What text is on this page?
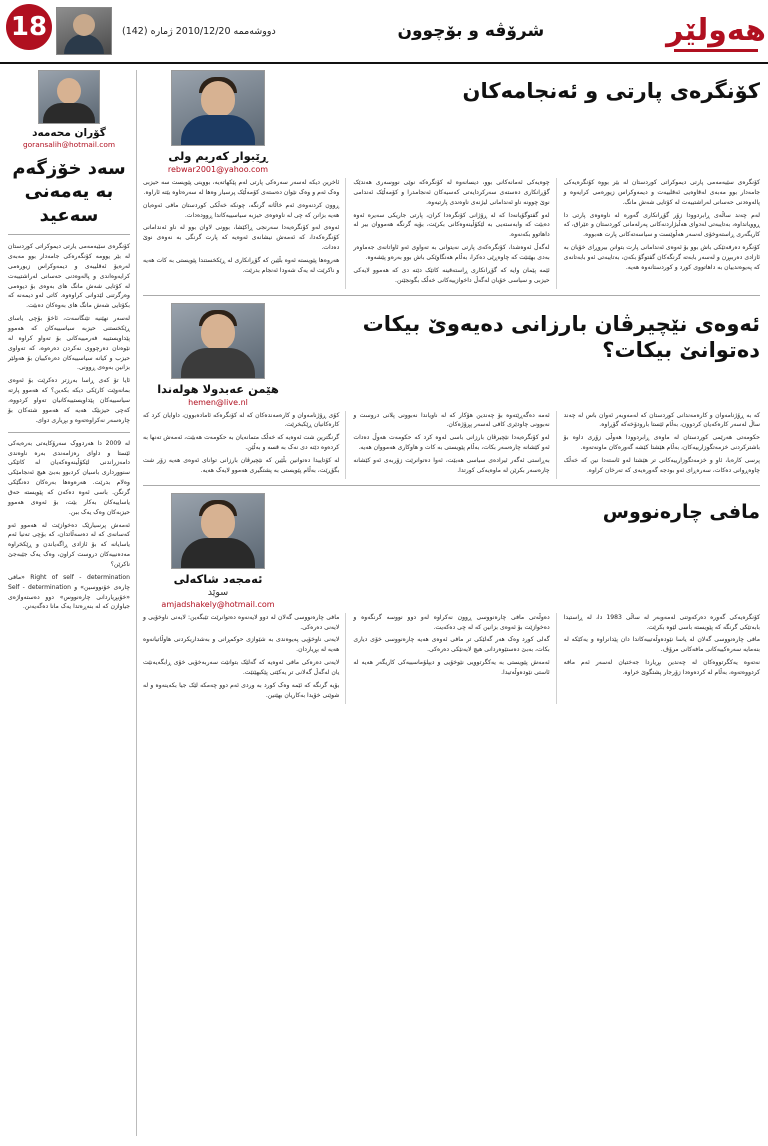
هەولێر
شرۆڤە و بۆچوون
دووشەممە 2010/12/20 ژمارە (142)
18
کۆنگرەی پارتی و ئەنجامەکان
ڕێبوار کەریم ولی
rebwar2001@yahoo.com

کۆنگرەی سێیەمەمی پارتی دیموکراتی کوردستان لە بێر بووە کۆنگرەیەکی جامەدار بوو مەبەی لەقاوەیی ئەقلییەت و دیمەوکراس زیورەمی کرایەوە و پالەوەدنی حەسانی لەراشتییەت لە کۆتایی شەش مانگ.

لەم چەند ساڵەی ڕابردوودا زۆر گۆڕانکاری گەورە لە ناوەوەی پارتی دا ڕوویانداوە، بەتایبەتی لەدوای هەڵبژاردنەکانی پەرلەمانی کوردستان و عێراق، کە کاریگەری ڕاستەوخۆی لەسەر هەڵوێست و سیاسەتەکانی پارت هەبووە.

کۆنگرە دەرفەتێکی باش بوو بۆ ئەوەی ئەندامانی پارت بتوانن بیروڕای خۆیان بە ئازادی دەرببڕن و لەسەر بابەتە گرنگەکان گفتوگۆ بکەن، بەتایبەتی ئەو بابەتانەی کە پەیوەندییان بە داهاتووی کورد و کوردستانەوە هەیە.

چوەیەکی ئەمانەکانی بوو، دیسانەوە لە کۆنگرەکە نوێی نووسەری هەندێک گۆڕانکاری دەستەی سەرکردایەتی کەسیەکان ئەنجامدرا و کۆمەڵێک ئەندامی نوێ چوونە ناو ئەندامانی لیژنەی ناوەندی پارتیەوە.

لەو گفتوگۆیانەدا کە لە ڕۆژانی کۆنگرەدا کران، پارتی جاریکی سەیرە ئەوە دەبێت کە وابەستەیی بە لێکۆڵینەوەکانی بکرێت، بۆیە گرنگە هەمووان بیر لە داهاتوو بکەنەوە.

لەگەڵ ئەوەشدا، کۆنگرەکەی پارتی نەیتوانی بە تەواوی ئەو ئاواتانەی جەماوەر بەدی بهێنێت کە چاوەڕێی دەکرا، بەڵام هەنگاوێکی باش بوو بەرەو پێشەوە.

ئێمە پێمان وایە کە گۆڕانکاری ڕاستەقینە کاتێک دێتە دی کە هەموو لایەکی حیزبی و سیاسی خۆیان لەگەڵ داخوازییەکانی خەڵک بگونجێنن.

ئاخرین دیکە لەسەر سەرەکی پارتی لەم پێکهاتەیە، بووینی پێویست سە حیزبی وەک ئەم و وەک نێوان دەستەی کۆمەڵێک پرسیار وەها لە سەرەتاوە بێتە ئاراوە.

ڕوون کردنەوەی ئەم خاڵانە گرنگە، چونکە خەڵکی کوردستان مافی ئەوەیان هەیە بزانن کە چی لە ناوەوەی حیزبە سیاسییەکاندا ڕوودەدات.

ئەوەی لەو کۆنگرەیەدا سەرنجی ڕاکێشا، بوونی لاوان بوو لە ناو ئەندامانی کۆنگرەکەدا، کە ئەمەش نیشانەی ئەوەیە کە پارت گرنگی بە نەوەی نوێ دەدات.

هەروەها پێویستە ئەوە بڵێین کە گۆڕانکاری لە ڕێکخستندا پێویستی بە کات هەیە و ناکرێت لە یەک شەودا ئەنجام بدرێت.

ئەوەی نێچیرڤان بارزانی دەیەوێ بیکات دەتوانێ بیکات؟
هێمن عەبدولا هولەندا
hemen@live.nl

کە بە ڕۆژنامەوان و کارەمەندانی کوردستان کە لەمەوبەر ئەوان باس لە چەند ساڵ لەسەر کارەکەیان کردوون، بەڵام ئێستا بارودۆخەکە گۆڕاوە.

حکومەتی هەرێمی کوردستان لە ماوەی ڕابردوودا هەوڵی زۆری داوە بۆ باشترکردنی خزمەتگوزارییەکان، بەڵام هێشتا کێشە گەورەکان ماونەتەوە.

پرسی کارەبا، ئاو و خزمەتگوزارییەکانی تر هێشتا لەو ئاستەدا نین کە خەڵک چاوەڕوانی دەکات، سەرەڕای ئەو بودجە گەورەیەی کە تەرخان کراوە.

ئەمە دەگەڕێتەوە بۆ چەندین هۆکار کە لە ناویاندا نەبوونی پلانی دروست و نەبوونی چاودێری کافی لەسەر پڕۆژەکان.

لەو کۆنگرەیەدا نێچیرڤان بارزانی باسی لەوە کرد کە حکومەت هەوڵ دەدات ئەو کێشانە چارەسەر بکات، بەڵام پێویستی بە کات و هاوکاری هەمووان هەیە.

بەڕاستی ئەگەر ئیرادەی سیاسی هەبێت، ئەوا دەتوانرێت زۆربەی ئەو کێشانە چارەسەر بکرێن لە ماوەیەکی کورتدا.

کۆی ڕۆژنامەوان و کارەمەندەکان کە لە کۆنگرەکە ئامادەبوون، داوایان کرد کە کارەکانیان ڕێکبخرێت.

گرنگترین شت ئەوەیە کە خەڵک متمانەیان بە حکومەت هەبێت، ئەمەش تەنها بە کردەوە دێتە دی نەک بە قسە و بەڵێن.

لە کۆتاییدا دەتوانین بڵێین کە نێچیرڤان بارزانی توانای ئەوەی هەیە زۆر شت بگۆڕێت، بەڵام پێویستی بە پشتگیری هەموو لایەک هەیە.

مافی چارەنووس
ئەمجەد شاکەلی
سوێد
amjadshakely@hotmail.com

کۆنگرەیەکی گەورە دەرکەوتنی لەمەوبەر لە ساڵی 1983 دا، لە ڕاستیدا بابەتێکی گرنگە کە پێویستە باسی لێوە بکرێت.

مافی چارەنووسی گەلان لە یاسا نێودەوڵەتییەکاندا دان پێدانراوە و یەکێکە لە بنەمایە سەرەکییەکانی مافەکانی مرۆڤ.

نەتەوە یەکگرتووەکان لە چەندین بڕیاردا جەختیان لەسەر ئەم مافە کردووەتەوە، بەڵام لە کردەوەدا زۆرجار پشتگوێ خراوە.

دەوڵەتی مافی چارەنووسی ڕوون نەکراوە لەو دوو نووسە گرنگەوە و دەخوازێت بۆ ئەوەی بزانین کە لە چی دەکەیت.

گەلی کورد وەک هەر گەلێکی تر مافی ئەوەی هەیە چارەنووسی خۆی دیاری بکات، بەبێ دەستێوەردانی هیچ لایەنێکی دەرەکی.

ئەمەش پێویستی بە یەکگرتوویی نێوخۆیی و دیپلۆماسییەکی کاریگەر هەیە لە ئاستی نێودەوڵەتیدا.

مافی چارەنووسی گەلان لە دوو لایەنەوە دەتوانرێت تێبگەین: لایەنی ناوخۆیی و لایەنی دەرەکی.

لایەنی ناوخۆیی پەیوەندی بە شێوازی حوکمڕانی و بەشداریکردنی هاوڵاتیانەوە هەیە لە بڕیاردان.

لایەنی دەرەکی مافی ئەوەیە کە گەلێک بتوانێت سەربەخۆیی خۆی ڕابگەیەنێت یان لەگەڵ گەلانی تر یەکێتی پێکبهێنێت.

بۆیە گرنگە کە ئێمە وەک کورد بە وردی ئەم دوو چەمکە لێک جیا بکەینەوە و لە شوێنی خۆیدا بەکاریان بهێنین.

گۆران محەمەد
goransalih@hotmail.com
سەد خۆزگەم بە یەمەنی سەعید

کۆنگرەی سێیەمەمی یارتی دیموکراتی کوردستان لە بێر یوومە کۆنگەرەکی جامەدار بوو مەبەی لەرەیۆ ئەقلییەی و دیمەوکراس زیورەمی کرایەوەاندی و پالەوەدنی حەسانی لەراشتییەت لە کۆتایی شەش مانگ های بەوەی بۆ دیوەمی وەرگرتنی لێدوانی کراوەوە. کاتی لەو دیمەنە کە بکۆتایی شەش مانگ های بەوەکان دەبێت.

لەسەر نهێنیه تێنگاسەت، ئاخۆ بۆچی یاسای ڕێکخستنی حیزبە سیاسییەکان کە هەموو پێداویستییە فەرمییەکانی بۆ تەواو کراوە لە نێوەنان دەرچووی نەکردن دەرەوە، کە تەواوی حیزب و کیانە سیاسییەکان دەرەکییان بۆ هەولێر بزانین بەوەی ڕوونی.

ئایا تۆ کەی ڕاسا بەرزتر دەکرێت بۆ ئەوەی بمانەوێت کارێکی دیکە بکەین؟ کە هەموو پارتە سیاسییەکان پێداویستییەکانیان تەواو کردووە، کەچی حیزبێک هەیە کە هەموو شتەکان بۆ چارەسەر نەکراوەتەوە و بڕیاری دوای.

لە 2009 دا هەردووک سەرۆکایەتی بەرەیەکی ئێستا و داوای رەزامەندی بەرە ناوەندی دامەزراندنی لێکۆڵینەوەکەیان لە کاتێکی سنوورداری باسیان کردبوو بەبێ هیچ ئەنجامێکی وەلام بدرێت. هەرەوەها بەرەکان دەنگێکی گرنگن. باسی ئەوە دەکەن کە پێویستە حەق یاساییەکان بەکار بێت، بۆ ئەوەی هەموو حیزبەکان وەک یەک ببن.

ئەمەش پرسیارێک دەخوازێت لە هەموو ئەو کەسانەی کە لە دەسەڵاتدان، کە بۆچی تەنیا ئەم یاسایانە کە بۆ ئازادی ڕاگەیاندن و ڕێکخراوە مەدەنییەکان دروست کراون، وەک یەک جێبەجێ ناکرێن؟

Right of self - determination «مافی چارەی خۆنووسین» و Self - determination «خۆبڕیاردانی چارەنووس» دوو دەستەواژەی جیاوازن کە لە بنەڕەتدا یەک مانا دەگەیەنن.
